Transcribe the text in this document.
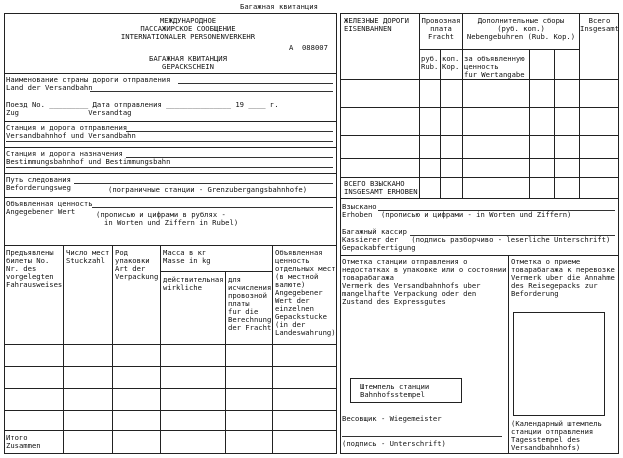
Багажная квитанция
МЕЖДУНАРОДНОЕ
ПАССАЖИРСКОЕ СООБЩЕНИЕ
INTERNATIONALER PERSONENVERKEHR
А  088007
БАГАЖНАЯ КВИТАНЦИЯ
GEPACKSCHEIN
Наименование страны дороги отправления
Land der Versandbahn
Поезд No. _________ Дата отправления _______________ 19 ____ г.
Zug                Versandtag
Станция и дорога отправления
Versandbahnhof und Versandbahn
Станция и дорога назначения
Bestimmungsbahnhof und Bestimmungsbahn
Путь следования
Beforderungsweg	(пограничные станции - Grenzubergangsbahnhofe)
Объявленная ценность
Angegebener Wert	(прописью и цифрами в рублях -
in Worten und Ziffern in Rubel)
Предъявлены
билеты No.
Nr. des
vorgelegten
Fahrausweises
Число мест
Stuckzahl
Род
упаковки
Art der
Verpackung
Масса в кг
Masse in kg
действительная
wirkliche
для
исчисления
провозной
платы
fur die
Berechnung
der Fracht
Объявленная
ценность
отдельных мест
(в местной
валюте)
Angegebener
Wert der
einzelnen
Gepackstucke
(in der
Landeswahrung)
Итого
Zusammen
ЖЕЛЕЗНЫЕ ДОРОГИ
EISENBAHNEN
Провозная
плата
Fracht
Дополнительные сборы
(руб. коп.)
Nebengebuhren (Rub. Kop.)
Всего
Insgesamt
руб.
Rub.
коп.
Kop.
за объявленную
ценность
fur Wertangabe
ВСЕГО ВЗЫСКАНО
INSGESAMT ERHOBEN
Взыскано
Erhoben  (прописью и цифрами - in Worten und Ziffern)
Багажный кассир
Kassierer der   (подпись разборчиво - leserliche Unterschrift)
Gepackabfertigung
Отметка станции отправления о
недостатках в упаковке или о состоянии
товарабагажа
Vermerk des Versandbahnhofs uber
mangelhafte Verpackung oder den
Zustand des Expressgutes
Отметка о приеме
товарабагажа к перевозке
Vermerk uber die Annahme
des Reisegepacks zur
Beforderung
Штемпель станции
Bahnhofsstempel
Весовщик - Wiegemeister
(подпись - Unterschrift)
(Календарный штемпель
станции отправления
Tagesstempel des
Versandbahnhofs)
